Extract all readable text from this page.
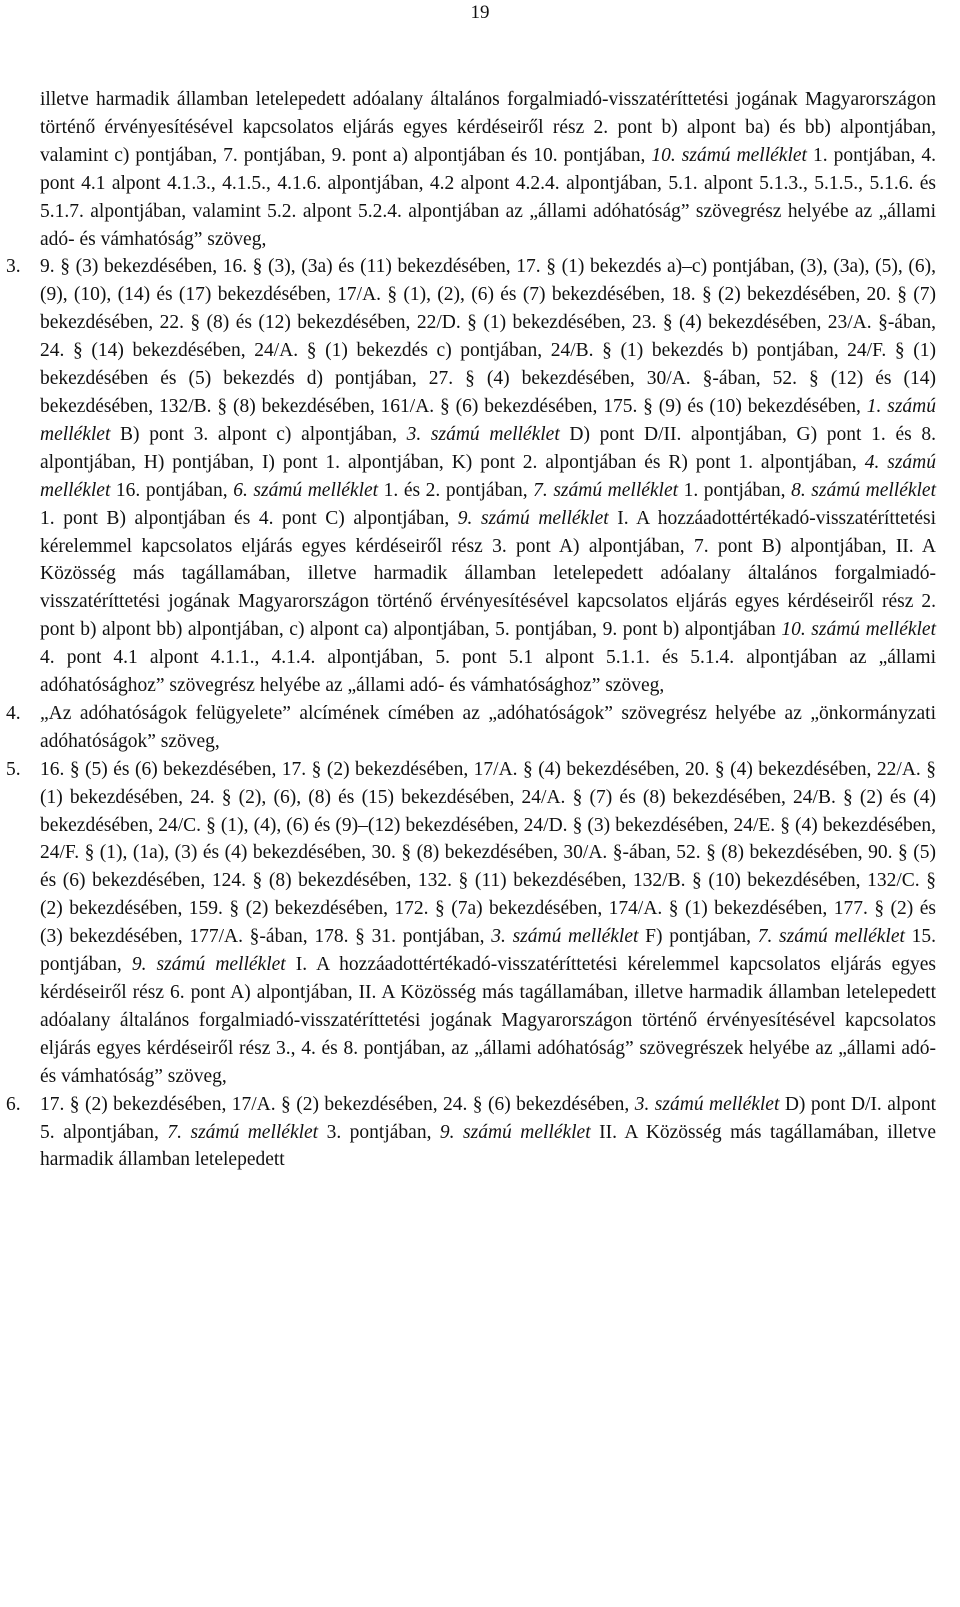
19

illetve harmadik államban letelepedett adóalany általános forgalmiadó-visszatéríttetési jogának Magyarországon történő érvényesítésével kapcsolatos eljárás egyes kérdéseiről rész 2. pont b) alpont ba) és bb) alpontjában, valamint c) pontjában, 7. pontjában, 9. pont a) alpontjában és 10. pontjában, 10. számú melléklet 1. pontjában, 4. pont 4.1 alpont 4.1.3., 4.1.5., 4.1.6. alpontjában, 4.2 alpont 4.2.4. alpontjában, 5.1. alpont 5.1.3., 5.1.5., 5.1.6. és 5.1.7. alpontjában, valamint 5.2. alpont 5.2.4. alpontjában az „állami adóhatóság” szövegrész helyébe az „állami adó- és vámhatóság” szöveg,

3. 9. § (3) bekezdésében, 16. § (3), (3a) és (11) bekezdésében, 17. § (1) bekezdés a)–c) pontjában, (3), (3a), (5), (6), (9), (10), (14) és (17) bekezdésében, 17/A. § (1), (2), (6) és (7) bekezdésében, 18. § (2) bekezdésében, 20. § (7) bekezdésében, 22. § (8) és (12) bekezdésében, 22/D. § (1) bekezdésében, 23. § (4) bekezdésében, 23/A. §-ában, 24. § (14) bekezdésében, 24/A. § (1) bekezdés c) pontjában, 24/B. § (1) bekezdés b) pontjában, 24/F. § (1) bekezdésében és (5) bekezdés d) pontjában, 27. § (4) bekezdésében, 30/A. §-ában, 52. § (12) és (14) bekezdésében, 132/B. § (8) bekezdésében, 161/A. § (6) bekezdésében, 175. § (9) és (10) bekezdésében, 1. számú melléklet B) pont 3. alpont c) alpontjában, 3. számú melléklet D) pont D/II. alpontjában, G) pont 1. és 8. alpontjában, H) pontjában, I) pont 1. alpontjában, K) pont 2. alpontjában és R) pont 1. alpontjában, 4. számú melléklet 16. pontjában, 6. számú melléklet 1. és 2. pontjában, 7. számú melléklet 1. pontjában, 8. számú melléklet 1. pont B) alpontjában és 4. pont C) alpontjában, 9. számú melléklet I. A hozzáadottértékadó-visszatéríttetési kérelemmel kapcsolatos eljárás egyes kérdéseiről rész 3. pont A) alpontjában, 7. pont B) alpontjában, II. A Közösség más tagállamában, illetve harmadik államban letelepedett adóalany általános forgalmiadó-visszatéríttetési jogának Magyarországon történő érvényesítésével kapcsolatos eljárás egyes kérdéseiről rész 2. pont b) alpont bb) alpontjában, c) alpont ca) alpontjában, 5. pontjában, 9. pont b) alpontjában 10. számú melléklet 4. pont 4.1 alpont 4.1.1., 4.1.4. alpontjában, 5. pont 5.1 alpont 5.1.1. és 5.1.4. alpontjában az „állami adóhatósághoz” szövegrész helyébe az „állami adó- és vámhatósághoz” szöveg,

4. „Az adóhatóságok felügyelete” alcímének címében az „adóhatóságok” szövegrész helyébe az „önkormányzati adóhatóságok” szöveg,

5. 16. § (5) és (6) bekezdésében, 17. § (2) bekezdésében, 17/A. § (4) bekezdésében, 20. § (4) bekezdésében, 22/A. § (1) bekezdésében, 24. § (2), (6), (8) és (15) bekezdésében, 24/A. § (7) és (8) bekezdésében, 24/B. § (2) és (4) bekezdésében, 24/C. § (1), (4), (6) és (9)–(12) bekezdésében, 24/D. § (3) bekezdésében, 24/E. § (4) bekezdésében, 24/F. § (1), (1a), (3) és (4) bekezdésében, 30. § (8) bekezdésében, 30/A. §-ában, 52. § (8) bekezdésében, 90. § (5) és (6) bekezdésében, 124. § (8) bekezdésében, 132. § (11) bekezdésében, 132/B. § (10) bekezdésében, 132/C. § (2) bekezdésében, 159. § (2) bekezdésében, 172. § (7a) bekezdésében, 174/A. § (1) bekezdésében, 177. § (2) és (3) bekezdésében, 177/A. §-ában, 178. § 31. pontjában, 3. számú melléklet F) pontjában, 7. számú melléklet 15. pontjában, 9. számú melléklet I. A hozzáadottértékadó-visszatéríttetési kérelemmel kapcsolatos eljárás egyes kérdéseiről rész 6. pont A) alpontjában, II. A Közösség más tagállamában, illetve harmadik államban letelepedett adóalany általános forgalmiadó-visszatéríttetési jogának Magyarországon történő érvényesítésével kapcsolatos eljárás egyes kérdéseiről rész 3., 4. és 8. pontjában, az „állami adóhatóság” szövegrészek helyébe az „állami adó- és vámhatóság” szöveg,

6. 17. § (2) bekezdésében, 17/A. § (2) bekezdésében, 24. § (6) bekezdésében, 3. számú melléklet D) pont D/I. alpont 5. alpontjában, 7. számú melléklet 3. pontjában, 9. számú melléklet II. A Közösség más tagállamában, illetve harmadik államban letelepedett
